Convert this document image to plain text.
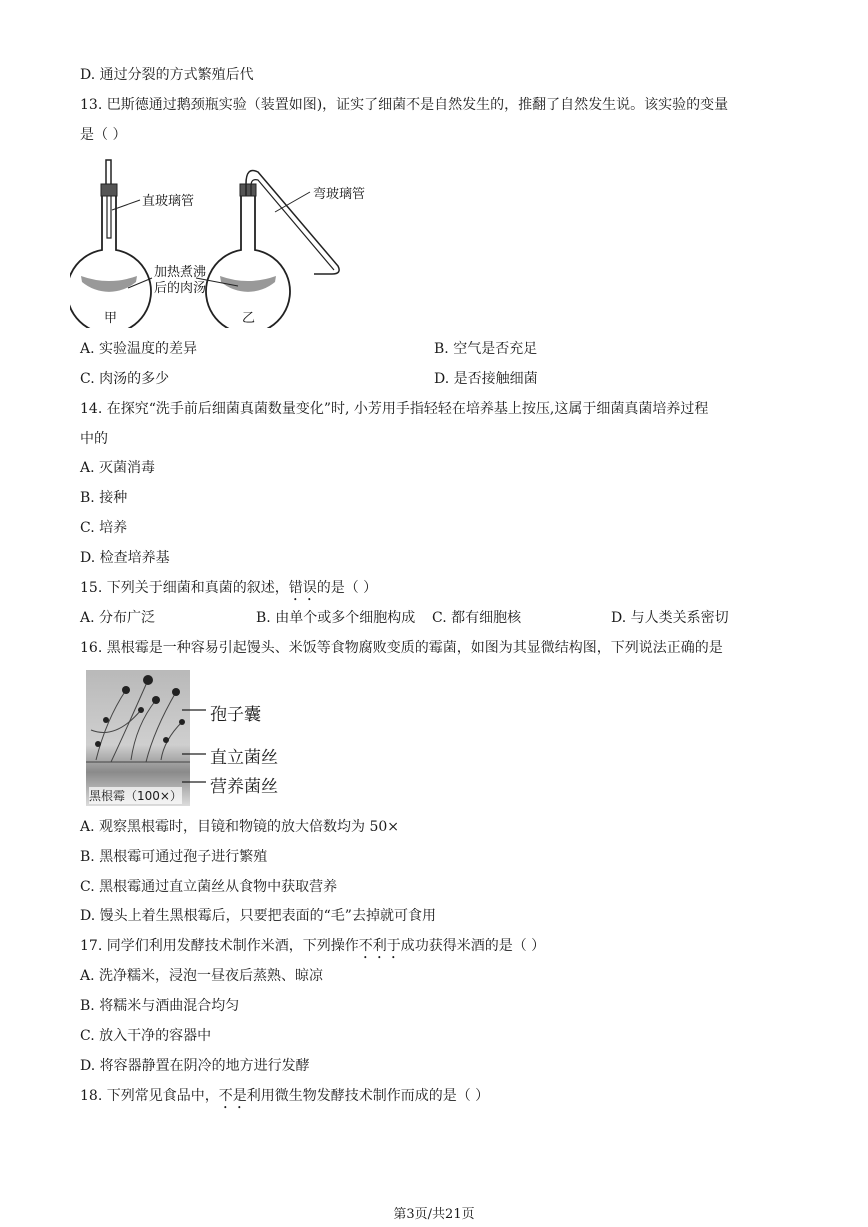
D. 通过分裂的方式繁殖后代
13. 巴斯德通过鹅颈瓶实验（装置如图)，证实了细菌不是自然发生的，推翻了自然发生说。该实验的变量
是（ ）
直玻璃管	弯玻璃管
加热煮沸
后的肉汤
甲	乙
A. 实验温度的差异	B. 空气是否充足
C. 肉汤的多少	D. 是否接触细菌
14. 在探究“洗手前后细菌真菌数量变化”时, 小芳用手指轻轻在培养基上按压,这属于细菌真菌培养过程
中的
A. 灭菌消毒
B. 接种
C. 培养
D. 检查培养基
15. 下列关于细菌和真菌的叙述，错误的是（ ）
A. 分布广泛	B. 由单个或多个细胞构成 C. 都有细胞核	D. 与人类关系密切
16. 黑根霉是一种容易引起馒头、米饭等食物腐败变质的霉菌，如图为其显微结构图，下列说法正确的是
孢子囊
直立菌丝
营养菌丝
黑根霉（100×）
A. 观察黑根霉时，目镜和物镜的放大倍数均为 50×
B. 黑根霉可通过孢子进行繁殖
C. 黑根霉通过直立菌丝从食物中获取营养
D. 馒头上着生黑根霉后，只要把表面的“毛”去掉就可食用
17. 同学们利用发酵技术制作米酒，下列操作不利于成功获得米酒的是（ ）
A. 洗净糯米，浸泡一昼夜后蒸熟、晾凉
B. 将糯米与酒曲混合均匀
C. 放入干净的容器中
D. 将容器静置在阴冷的地方进行发酵
18. 下列常见食品中，不是利用微生物发酵技术制作而成的是（ ）
第3页/共21页
